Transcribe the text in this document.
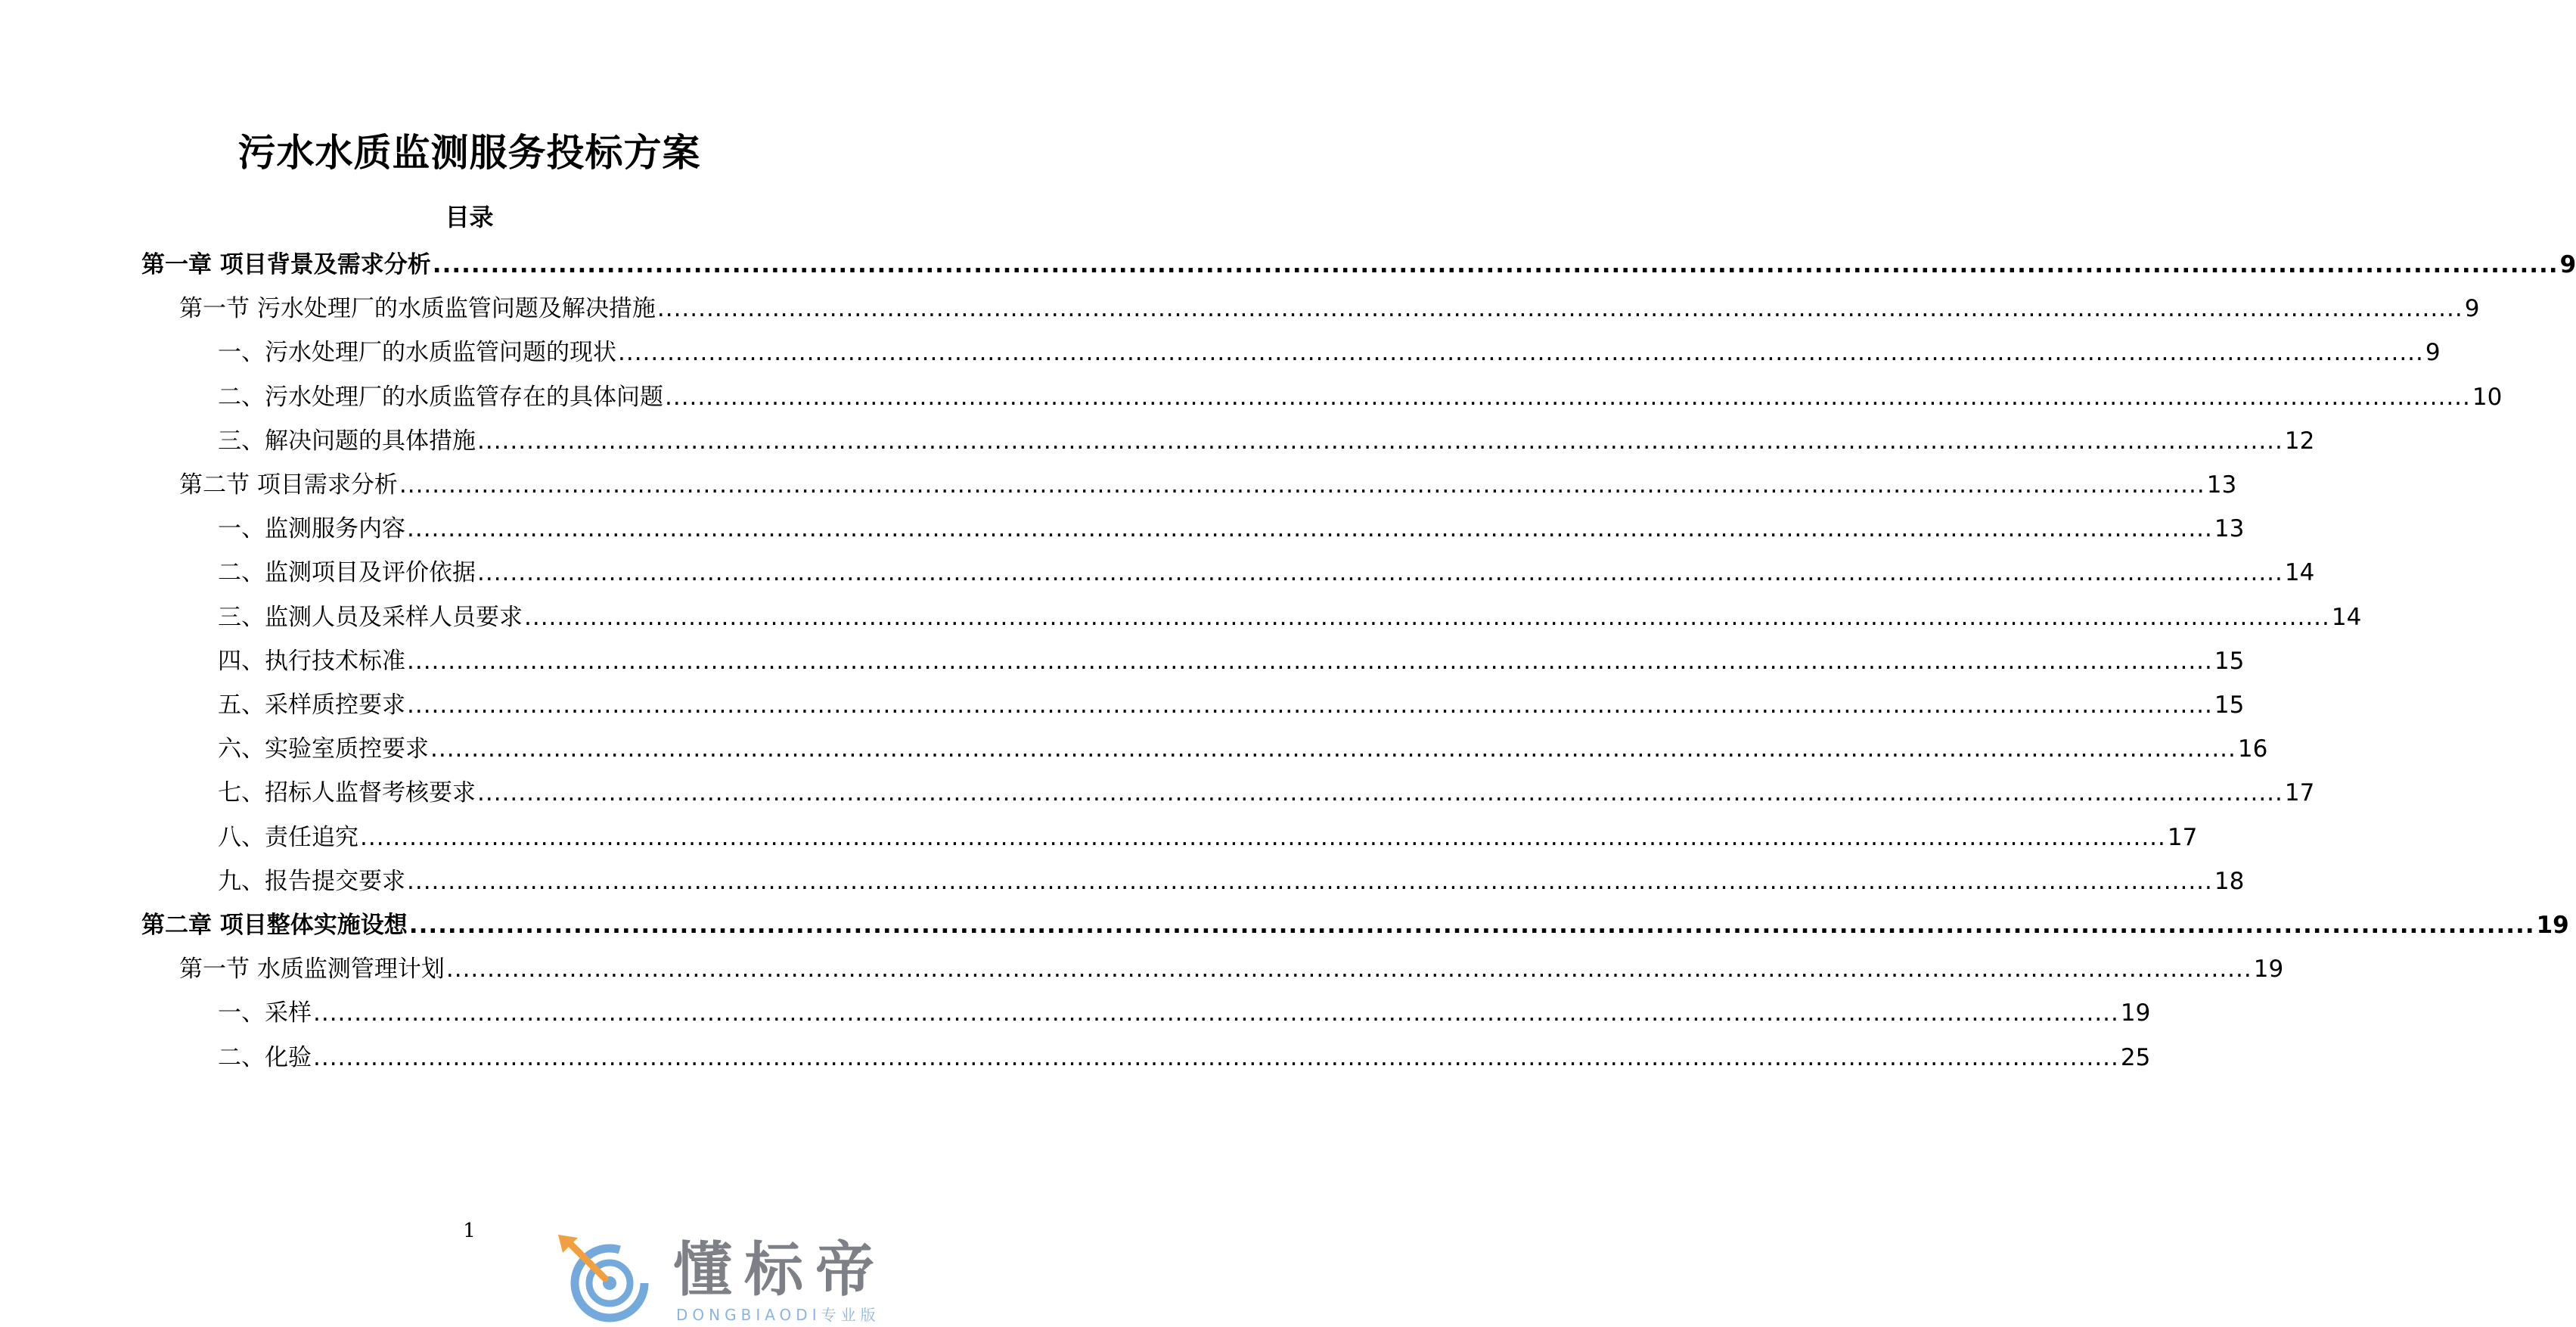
污水水质监测服务投标方案
目录
第一章 项目背景及需求分析 ............................................................................................................................................................................................................................ 9
第一节 污水处理厂的水质监管问题及解决措施 ............................................................................................................................................................................................................................ 9
一、污水处理厂的水质监管问题的现状 ............................................................................................................................................................................................................................ 9
二、污水处理厂的水质监管存在的具体问题 ............................................................................................................................................................................................................................ 10
三、解决问题的具体措施 ............................................................................................................................................................................................................................ 12
第二节 项目需求分析 ............................................................................................................................................................................................................................ 13
一、监测服务内容 ............................................................................................................................................................................................................................ 13
二、监测项目及评价依据 ............................................................................................................................................................................................................................ 14
三、监测人员及采样人员要求 ............................................................................................................................................................................................................................ 14
四、执行技术标准 ............................................................................................................................................................................................................................ 15
五、采样质控要求 ............................................................................................................................................................................................................................ 15
六、实验室质控要求 ............................................................................................................................................................................................................................ 16
七、招标人监督考核要求 ............................................................................................................................................................................................................................ 17
八、责任追究 ............................................................................................................................................................................................................................ 17
九、报告提交要求 ............................................................................................................................................................................................................................ 18
第二章 项目整体实施设想 ............................................................................................................................................................................................................................ 19
第一节 水质监测管理计划 ............................................................................................................................................................................................................................ 19
一、采样 ............................................................................................................................................................................................................................ 19
二、化验 ............................................................................................................................................................................................................................ 25
1
懂标帝
DONGBIAODI专业版
